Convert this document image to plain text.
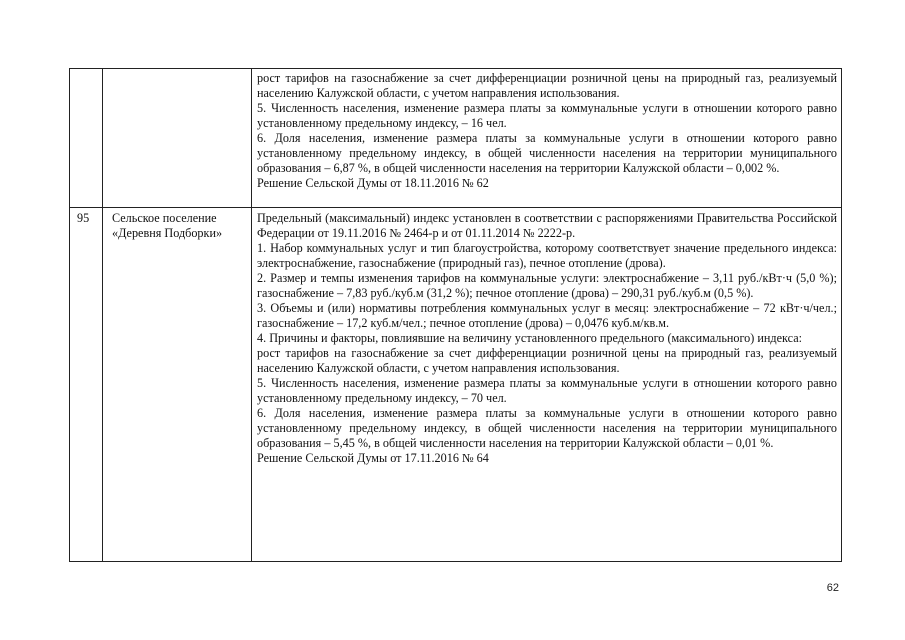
рост тарифов на газоснабжение за счет дифференциации розничной цены на природный газ, реализуемый населению Калужской области, с учетом направления использования.

5. Численность населения, изменение размера платы за коммунальные услуги в отношении которого равно установленному предельному индексу, – 16 чел.

6. Доля населения, изменение размера платы за коммунальные услуги в отношении которого равно установленному предельному индексу, в общей численности населения на территории муниципального образования – 6,87 %, в общей численности населения на территории Калужской области – 0,002 %.

Решение Сельской Думы от 18.11.2016 № 62

95	Сельское поселение «Деревня Подборки»

Предельный (максимальный) индекс установлен в соответствии с распоряжениями Правительства Российской Федерации от 19.11.2016 № 2464-р и от 01.11.2014 № 2222-р.

1. Набор коммунальных услуг и тип благоустройства, которому соответствует значение предельного индекса: электроснабжение, газоснабжение (природный газ), печное отопление (дрова).

2. Размер и темпы изменения тарифов на коммунальные услуги: электроснабжение – 3,11 руб./кВт·ч (5,0 %); газоснабжение – 7,83 руб./куб.м (31,2 %); печное отопление (дрова) – 290,31 руб./куб.м (0,5 %).

3. Объемы и (или) нормативы потребления коммунальных услуг в месяц: электроснабжение – 72 кВт·ч/чел.; газоснабжение – 17,2 куб.м/чел.; печное отопление (дрова) – 0,0476 куб.м/кв.м.

4. Причины и факторы, повлиявшие на величину установленного предельного (максимального) индекса:

рост тарифов на газоснабжение за счет дифференциации розничной цены на природный газ, реализуемый населению Калужской области, с учетом направления использования.

5. Численность населения, изменение размера платы за коммунальные услуги в отношении которого равно установленному предельному индексу, – 70 чел.

6. Доля населения, изменение размера платы за коммунальные услуги в отношении которого равно установленному предельному индексу, в общей численности населения на территории муниципального образования – 5,45 %, в общей численности населения на территории Калужской области – 0,01 %.

Решение Сельской Думы от 17.11.2016 № 64

62
